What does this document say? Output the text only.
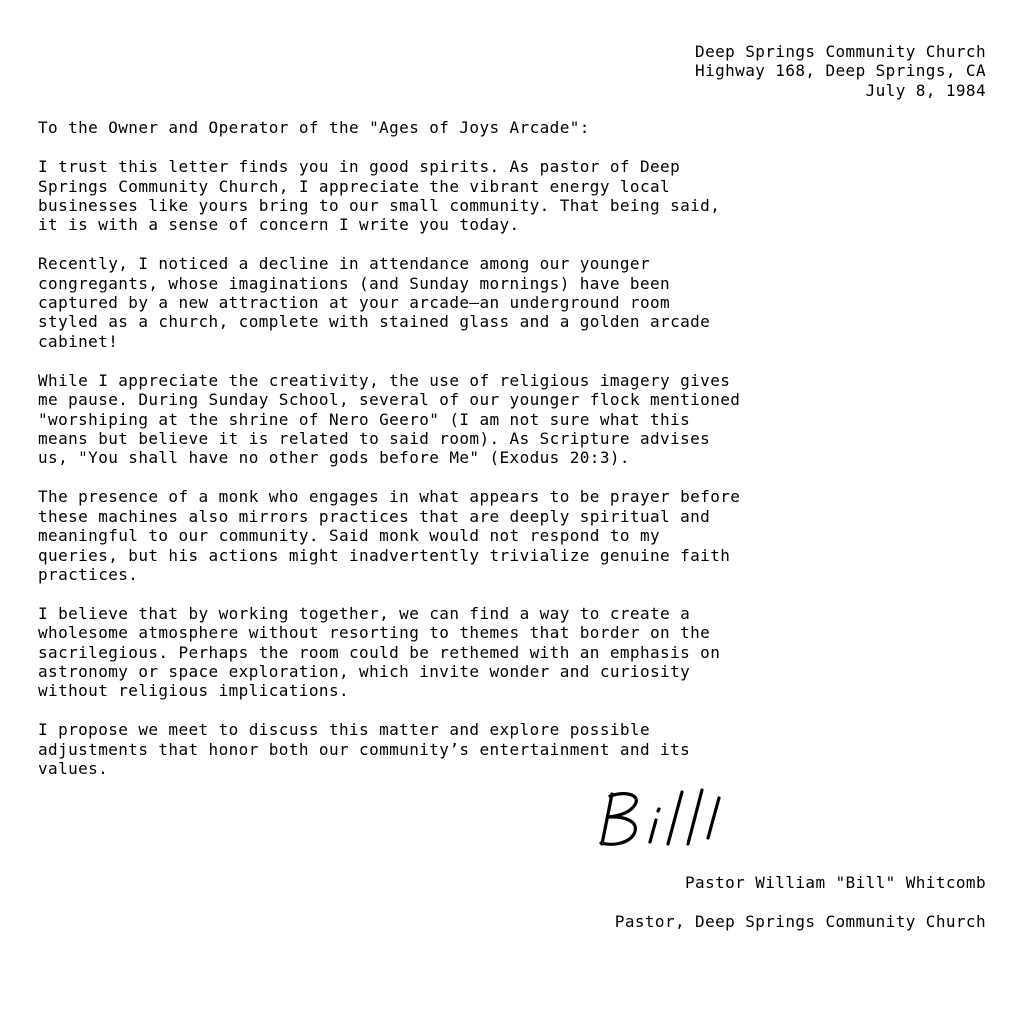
Deep Springs Community Church
Highway 168, Deep Springs, CA
July 8, 1984
To the Owner and Operator of the "Ages of Joys Arcade":
I trust this letter finds you in good spirits. As pastor of Deep
Springs Community Church, I appreciate the vibrant energy local
businesses like yours bring to our small community. That being said,
it is with a sense of concern I write you today.
Recently, I noticed a decline in attendance among our younger
congregants, whose imaginations (and Sunday mornings) have been
captured by a new attraction at your arcade—an underground room
styled as a church, complete with stained glass and a golden arcade
cabinet!
While I appreciate the creativity, the use of religious imagery gives
me pause. During Sunday School, several of our younger flock mentioned
"worshiping at the shrine of Nero Geero" (I am not sure what this
means but believe it is related to said room). As Scripture advises
us, "You shall have no other gods before Me" (Exodus 20:3).
The presence of a monk who engages in what appears to be prayer before
these machines also mirrors practices that are deeply spiritual and
meaningful to our community. Said monk would not respond to my
queries, but his actions might inadvertently trivialize genuine faith
practices.
I believe that by working together, we can find a way to create a
wholesome atmosphere without resorting to themes that border on the
sacrilegious. Perhaps the room could be rethemed with an emphasis on
astronomy or space exploration, which invite wonder and curiosity
without religious implications.
I propose we meet to discuss this matter and explore possible
adjustments that honor both our community’s entertainment and its
values.
Pastor William "Bill" Whitcomb
Pastor, Deep Springs Community Church
